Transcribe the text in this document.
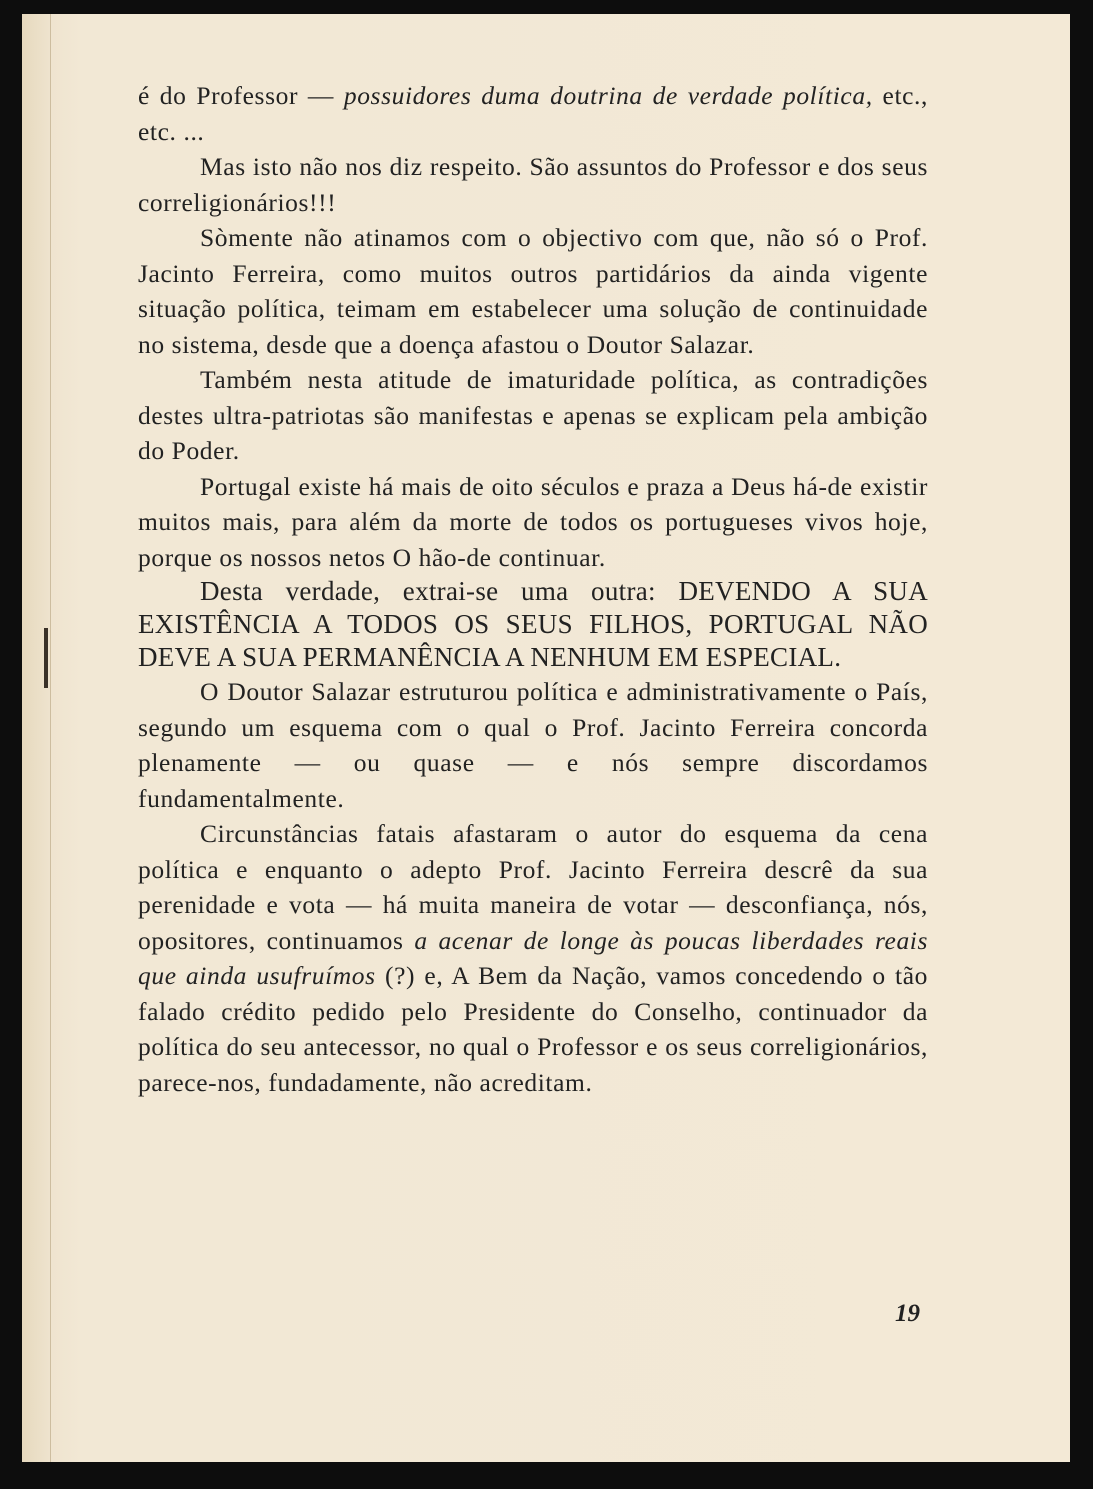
é do Professor — possuidores duma doutrina de verdade política, etc., etc. ...

Mas isto não nos diz respeito. São assuntos do Professor e dos seus correligionários!!!

Sòmente não atinamos com o objectivo com que, não só o Prof. Jacinto Ferreira, como muitos outros partidários da ainda vigente situação política, teimam em estabelecer uma solução de continuidade no sistema, desde que a doença afastou o Doutor Salazar.

Também nesta atitude de imaturidade política, as contradições destes ultra-patriotas são manifestas e apenas se explicam pela ambição do Poder.

Portugal existe há mais de oito séculos e praza a Deus há-de existir muitos mais, para além da morte de todos os portugueses vivos hoje, porque os nossos netos O hão-de continuar.

Desta verdade, extrai-se uma outra: DEVENDO A SUA EXISTÊNCIA A TODOS OS SEUS FILHOS, PORTUGAL NÃO DEVE A SUA PERMANÊNCIA A NENHUM EM ESPECIAL.

O Doutor Salazar estruturou política e administrativamente o País, segundo um esquema com o qual o Prof. Jacinto Ferreira concorda plenamente — ou quase — e nós sempre discordamos fundamentalmente.

Circunstâncias fatais afastaram o autor do esquema da cena política e enquanto o adepto Prof. Jacinto Ferreira descrê da sua perenidade e vota — há muita maneira de votar — desconfiança, nós, opositores, continuamos a acenar de longe às poucas liberdades reais que ainda usufruímos (?) e, A Bem da Nação, vamos concedendo o tão falado crédito pedido pelo Presidente do Conselho, continuador da política do seu antecessor, no qual o Professor e os seus correligionários, parece-nos, fundadamente, não acreditam.

19
